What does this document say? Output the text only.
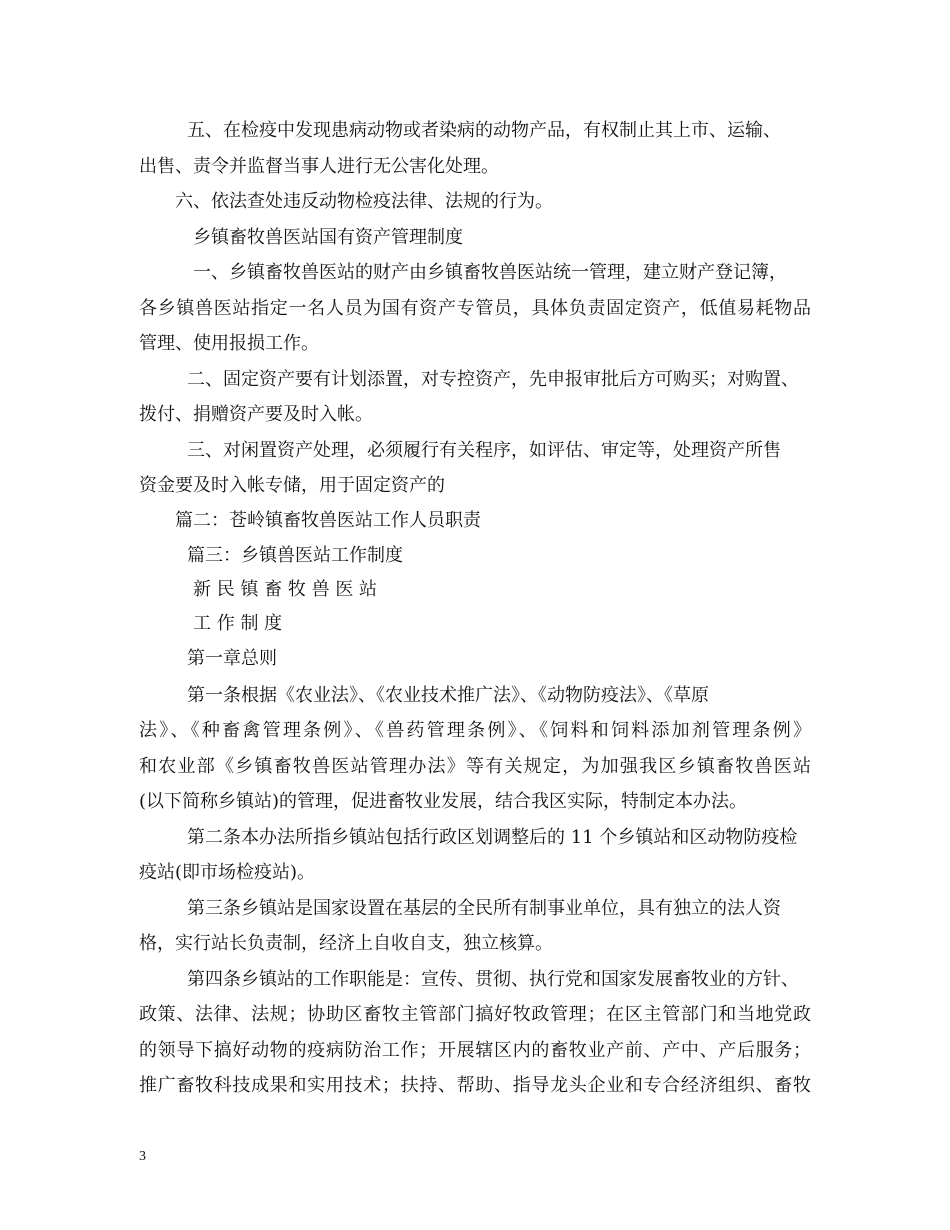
五、在检疫中发现患病动物或者染病的动物产品，有权制止其上市、运输、
出售、责令并监督当事人进行无公害化处理。
六、依法查处违反动物检疫法律、法规的行为。
乡镇畜牧兽医站国有资产管理制度
一、乡镇畜牧兽医站的财产由乡镇畜牧兽医站统一管理，建立财产登记簿，
各乡镇兽医站指定一名人员为国有资产专管员，具体负责固定资产，低值易耗物品
管理、使用报损工作。
二、固定资产要有计划添置，对专控资产，先申报审批后方可购买；对购置、
拨付、捐赠资产要及时入帐。
三、对闲置资产处理，必须履行有关程序，如评估、审定等，处理资产所售
资金要及时入帐专储，用于固定资产的
篇二：苍岭镇畜牧兽医站工作人员职责
篇三：乡镇兽医站工作制度
新 民 镇 畜 牧 兽 医 站
工 作 制 度
第一章总则
第一条根据《农业法》、《农业技术推广法》、《动物防疫法》、《草原
法》、《种畜禽管理条例》、《兽药管理条例》、《饲料和饲料添加剂管理条例》
和农业部《乡镇畜牧兽医站管理办法》等有关规定，为加强我区乡镇畜牧兽医站
(以下简称乡镇站)的管理，促进畜牧业发展，结合我区实际，特制定本办法。
第二条本办法所指乡镇站包括行政区划调整后的 11 个乡镇站和区动物防疫检
疫站(即市场检疫站)。
第三条乡镇站是国家设置在基层的全民所有制事业单位，具有独立的法人资
格，实行站长负责制，经济上自收自支，独立核算。
第四条乡镇站的工作职能是：宣传、贯彻、执行党和国家发展畜牧业的方针、
政策、法律、法规；协助区畜牧主管部门搞好牧政管理；在区主管部门和当地党政
的领导下搞好动物的疫病防治工作；开展辖区内的畜牧业产前、产中、产后服务；
推广畜牧科技成果和实用技术；扶持、帮助、指导龙头企业和专合经济组织、畜牧
3
